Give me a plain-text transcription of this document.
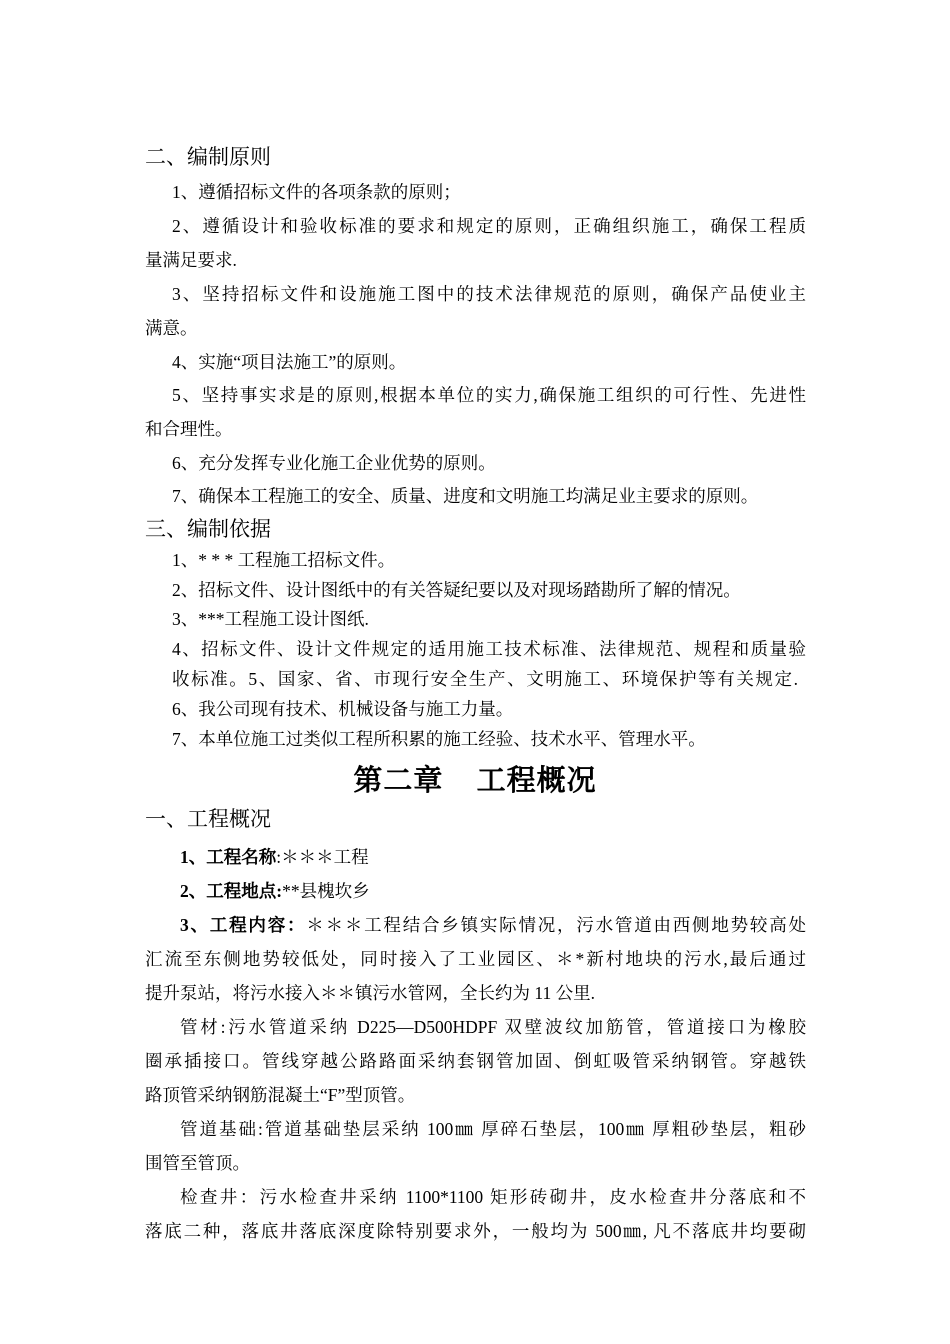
二、编制原则
1、遵循招标文件的各项条款的原则；
2、遵循设计和验收标准的要求和规定的原则，正确组织施工，确保工程质
量满足要求.
3、坚持招标文件和设施施工图中的技术法律规范的原则，确保产品使业主
满意。
4、实施“项目法施工”的原则。
5、坚持事实求是的原则,根据本单位的实力,确保施工组织的可行性、先进性
和合理性。
6、充分发挥专业化施工企业优势的原则。
7、确保本工程施工的安全、质量、进度和文明施工均满足业主要求的原则。
三、编制依据
1、* * * 工程施工招标文件。
2、招标文件、设计图纸中的有关答疑纪要以及对现场踏勘所了解的情况。
3、***工程施工设计图纸.
4、招标文件、设计文件规定的适用施工技术标准、法律规范、规程和质量验
收标准。5、国家、省、市现行安全生产、文明施工、环境保护等有关规定.
6、我公司现有技术、机械设备与施工力量。
7、本单位施工过类似工程所积累的施工经验、技术水平、管理水平。
第二章   工程概况
一、工程概况
1、工程名称:＊＊＊工程
2、工程地点:**县槐坎乡
3、工程内容：＊＊＊工程结合乡镇实际情况，污水管道由西侧地势较高处
汇流至东侧地势较低处，同时接入了工业园区、＊*新村地块的污水,最后通过
提升泵站，将污水接入＊＊镇污水管网，全长约为 11 公里.
管材:污水管道采纳 D225—D500HDPF 双壁波纹加筋管，管道接口为橡胶
圈承插接口。管线穿越公路路面采纳套钢管加固、倒虹吸管采纳钢管。穿越铁
路顶管采纳钢筋混凝土“F”型顶管。
管道基础:管道基础垫层采纳 100㎜ 厚碎石垫层，100㎜ 厚粗砂垫层，粗砂
围管至管顶。
检查井：污水检查井采纳 1100*1100 矩形砖砌井，皮水检查井分落底和不
落底二种，落底井落底深度除特别要求外，一般均为 500㎜, 凡不落底井均要砌
